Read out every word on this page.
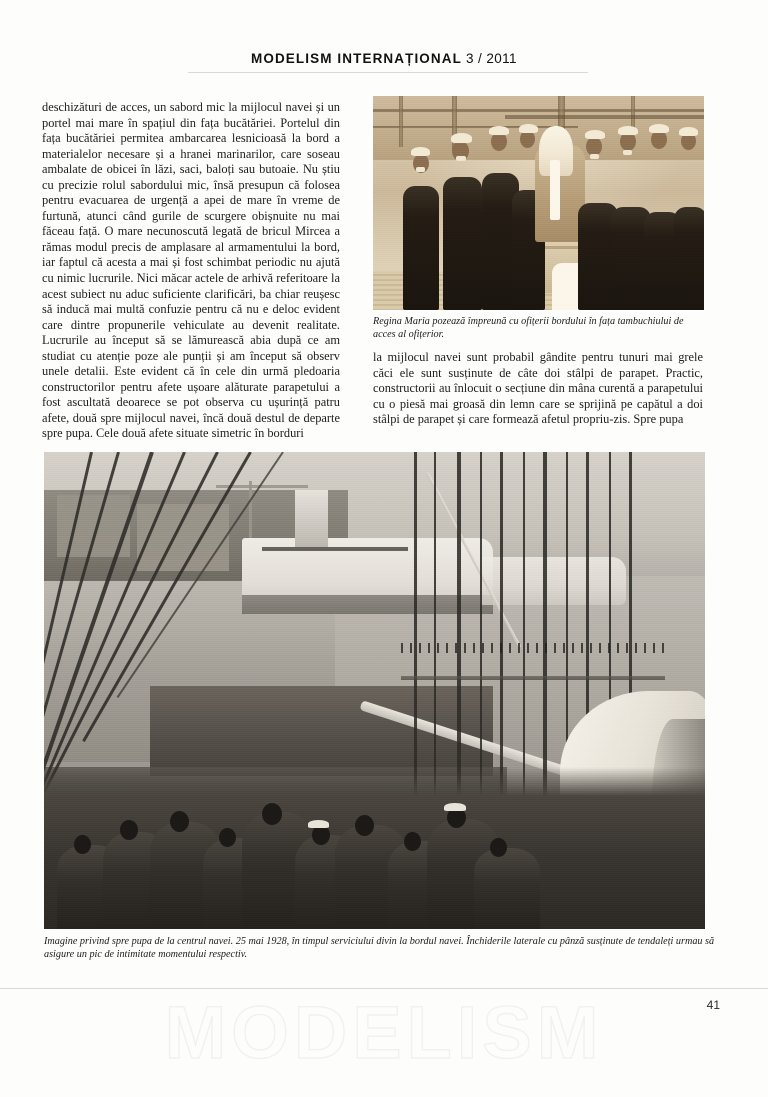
MODELISM INTERNAȚIONAL 3 / 2011

deschizături de acces, un sabord mic la mijlocul navei și un portel mai mare în spațiul din fața bucătăriei. Portelul din fața bucătăriei permitea ambarcarea lesnicioasă la bord a materialelor necesare și a hranei marinarilor, care soseau ambalate de obicei în lăzi, saci, baloți sau butoaie. Nu știu cu precizie rolul sabordului mic, însă presupun că folosea pentru evacuarea de urgență a apei de mare în vreme de furtună, atunci când gurile de scurgere obișnuite nu mai făceau față. O mare necunoscută legată de bricul Mircea a rămas modul precis de amplasare al armamentului la bord, iar faptul că acesta a mai și fost schimbat periodic nu ajută cu nimic lucrurile. Nici măcar actele de arhivă referitoare la acest subiect nu aduc suficiente clarificări, ba chiar reușesc să inducă mai multă confuzie pentru că nu e deloc evident care dintre propunerile vehiculate au devenit realitate. Lucrurile au început să se lămurească abia după ce am studiat cu atenție poze ale punții și am început să observ unele detalii. Este evident că în cele din urmă pledoaria constructorilor pentru afete ușoare alăturate parapetului a fost ascultată deoarece se pot observa cu ușurință patru afete, două spre mijlocul navei, încă două destul de departe spre pupa. Cele două afete situate simetric în borduri

Regina Maria pozează împreună cu ofițerii bordului în fața tambuchiului de acces al ofițerior.

la mijlocul navei sunt probabil gândite pentru tunuri mai grele căci ele sunt susținute de câte doi stâlpi de parapet. Practic, constructorii au înlocuit o secțiune din mâna curentă a parapetului cu o piesă mai groasă din lemn care se sprijină pe capătul a doi stâlpi de parapet și care formează afetul propriu-zis. Spre pupa

Imagine privind spre pupa de la centrul navei. 25 mai 1928, în timpul serviciului divin la bordul navei. Închiderile laterale cu pânză susținute de tendaleți urmau să asigure un pic de intimitate momentului respectiv.
MODELISM	41
